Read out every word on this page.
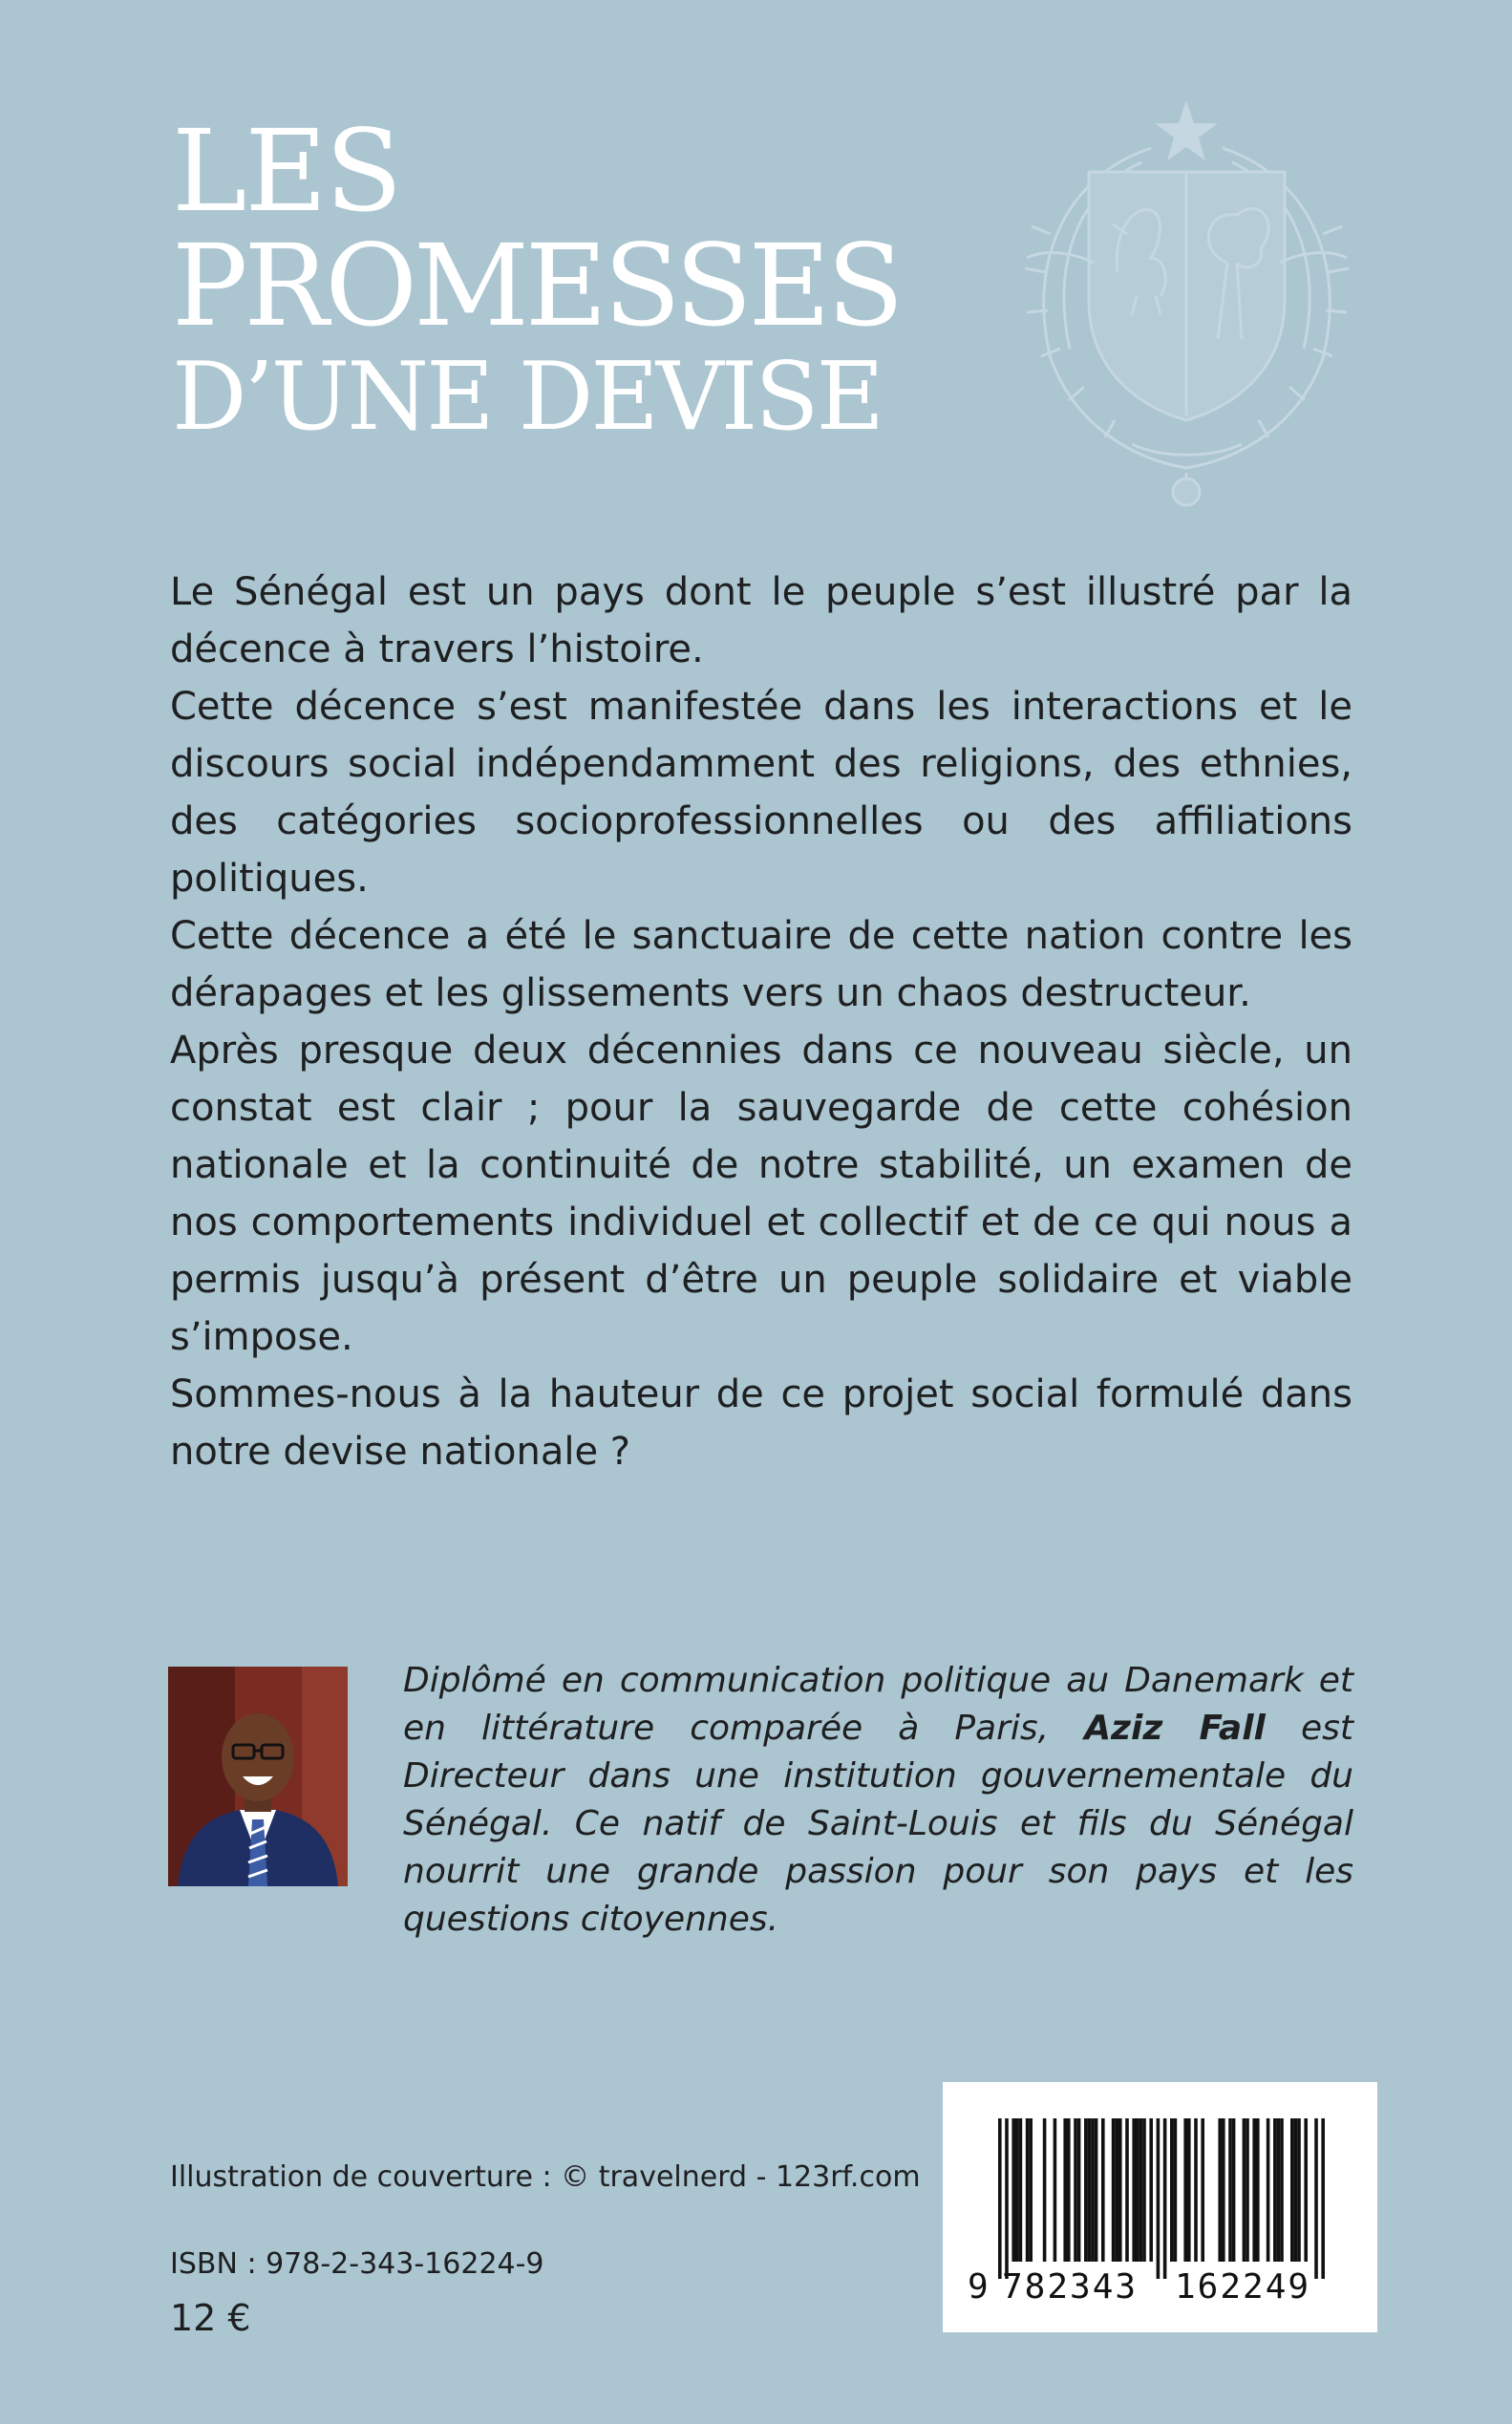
LES
PROMESSES
D’UNE DEVISE

Le Sénégal est un pays dont le peuple s’est illustré par la décence à travers l’histoire.

Cette décence s’est manifestée dans les interactions et le discours social indépendamment des religions, des ethnies, des catégories socioprofessionnelles ou des affiliations politiques.

Cette décence a été le sanctuaire de cette nation contre les dérapages et les glissements vers un chaos destructeur.

Après presque deux décennies dans ce nouveau siècle, un constat est clair ; pour la sauvegarde de cette cohésion nationale et la continuité de notre stabilité, un examen de nos comportements individuel et collectif et de ce qui nous a permis jusqu’à présent d’être un peuple solidaire et viable s’impose.

Sommes-nous à la hauteur de ce projet social formulé dans notre devise nationale ?

Diplômé en communication politique au Danemark et en littérature comparée à Paris, Aziz Fall est Directeur dans une institution gouvernementale du Sénégal. Ce natif de Saint-Louis et fils du Sénégal nourrit une grande passion pour son pays et les questions citoyennes.

Illustration de couverture : © travelnerd - 123rf.com
ISBN : 978-2-343-16224-9
12 €
9 782343 162249
